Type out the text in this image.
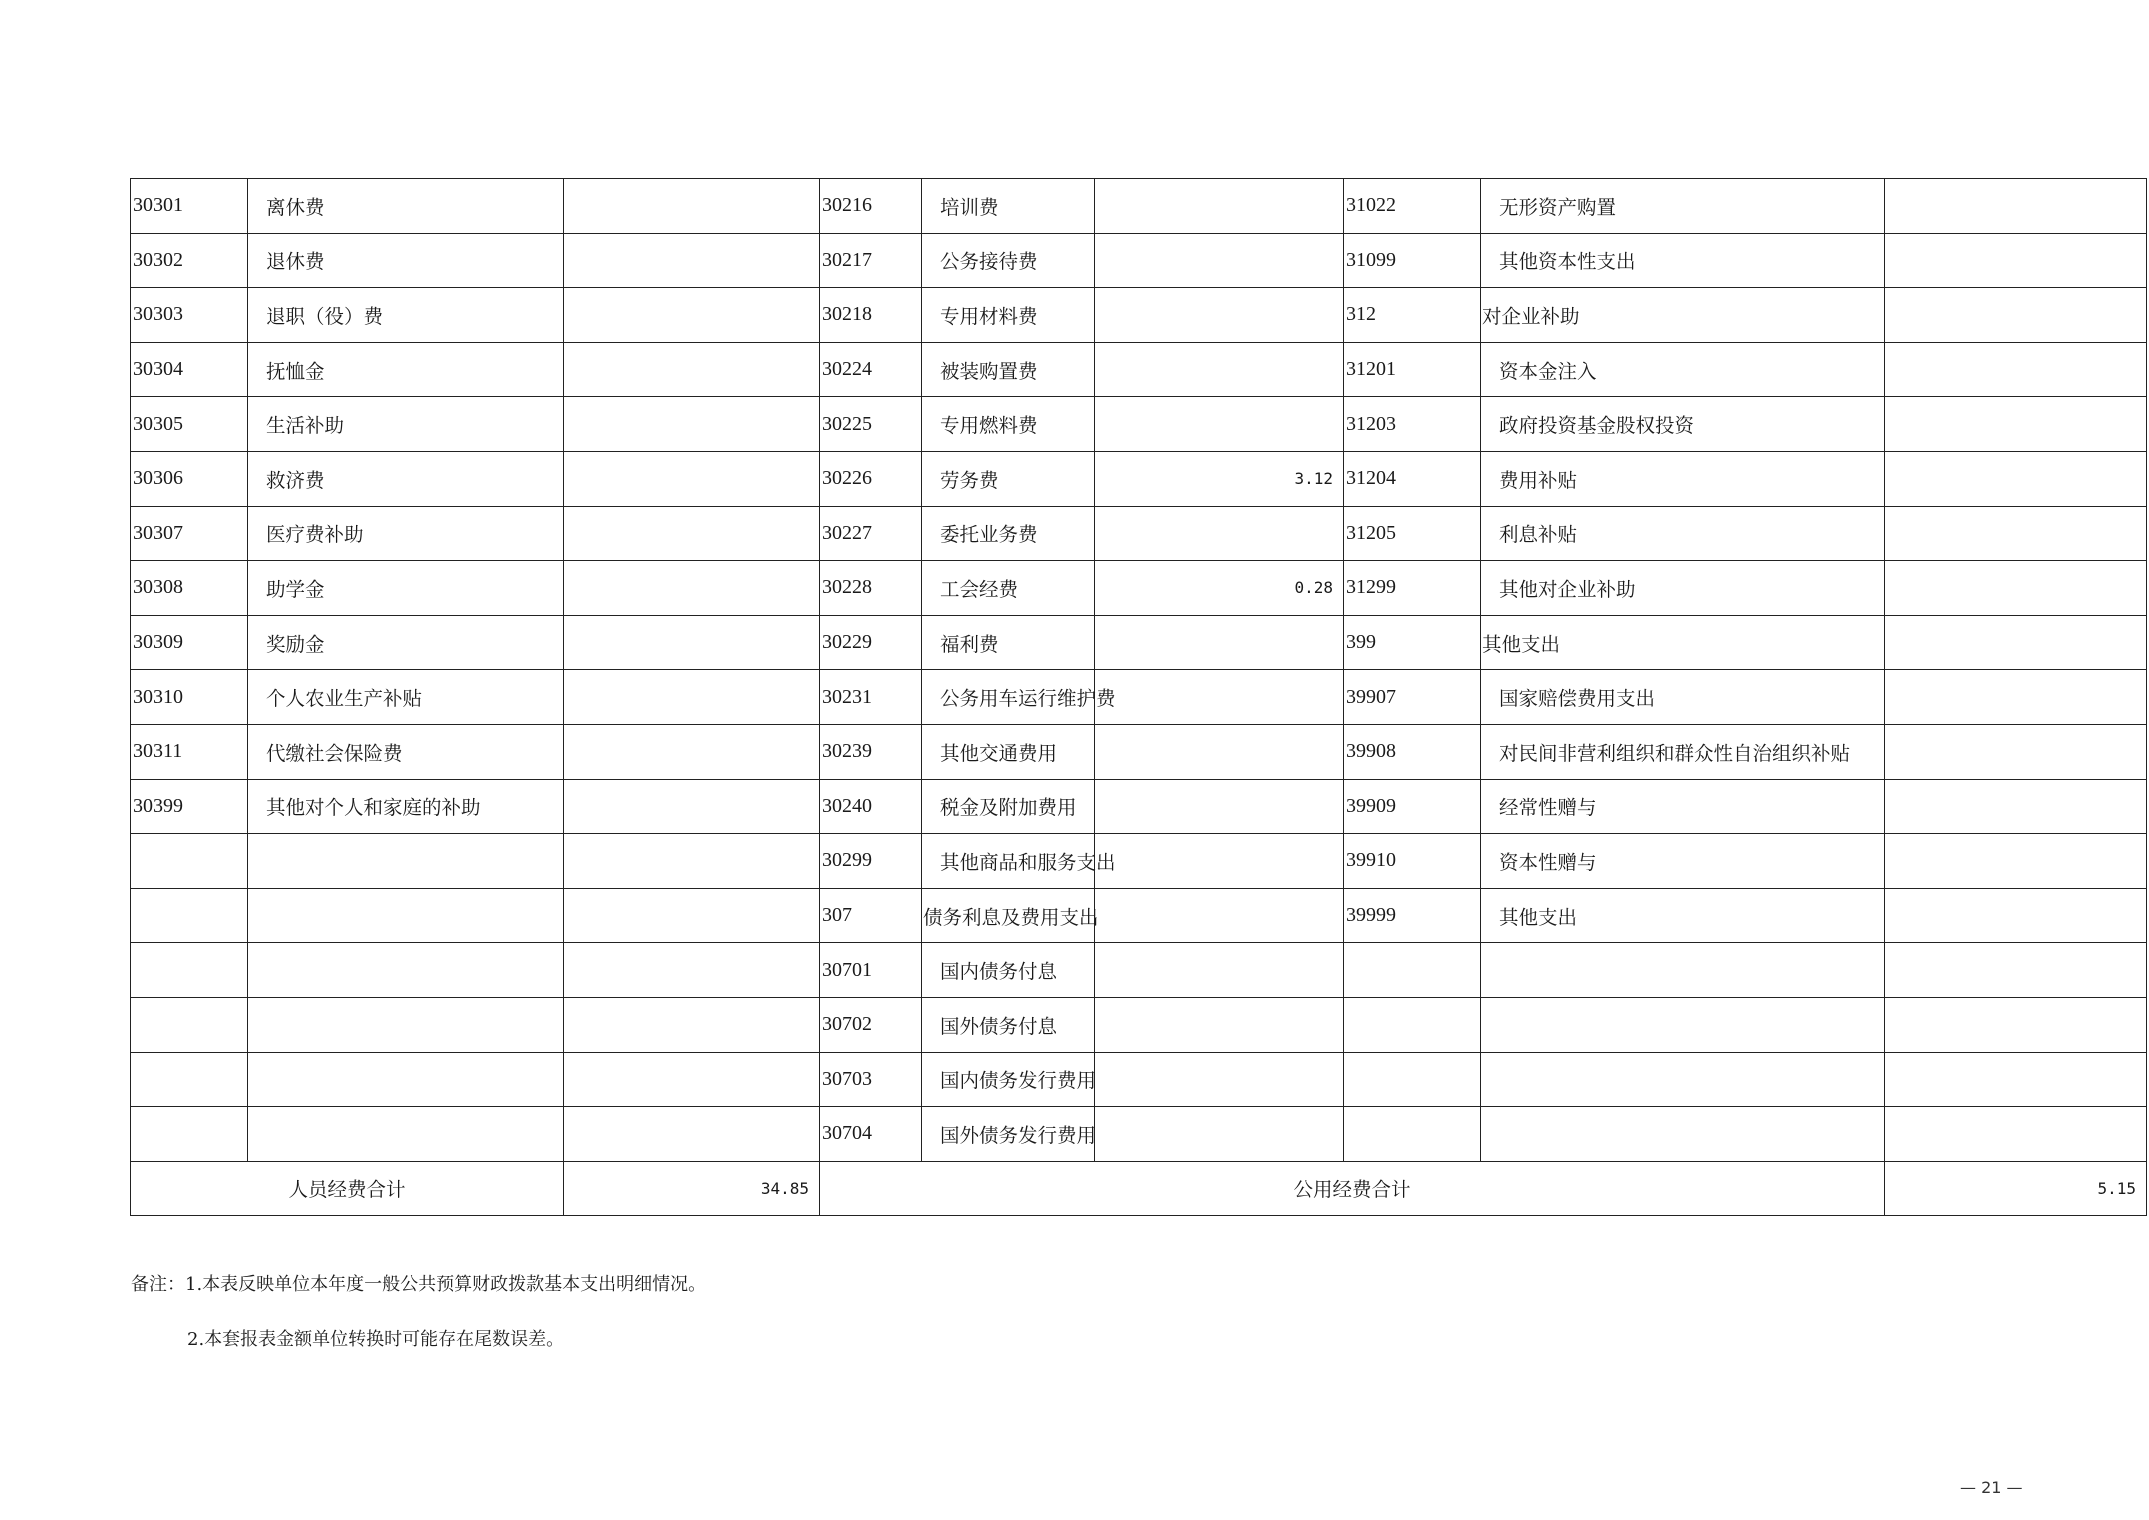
30301	离休费		30216	培训费		31022	无形资产购置	
30302	退休费		30217	公务接待费		31099	其他资本性支出	
30303	退职（役）费		30218	专用材料费		312	对企业补助	
30304	抚恤金		30224	被装购置费		31201	资本金注入	
30305	生活补助		30225	专用燃料费		31203	政府投资基金股权投资	
30306	救济费		30226	劳务费	3.12	31204	费用补贴	
30307	医疗费补助		30227	委托业务费		31205	利息补贴	
30308	助学金		30228	工会经费	0.28	31299	其他对企业补助	
30309	奖励金		30229	福利费		399	其他支出	
30310	个人农业生产补贴		30231	公务用车运行维护费		39907	国家赔偿费用支出	
30311	代缴社会保险费		30239	其他交通费用		39908	对民间非营利组织和群众性自治组织补贴	
30399	其他对个人和家庭的补助		30240	税金及附加费用		39909	经常性赠与	
			30299	其他商品和服务支出		39910	资本性赠与	
			307	债务利息及费用支出		39999	其他支出	
			30701	国内债务付息				
			30702	国外债务付息				
			30703	国内债务发行费用				
			30704	国外债务发行费用				
人员经费合计		34.85	公用经费合计					5.15
备注：1.本表反映单位本年度一般公共预算财政拨款基本支出明细情况。
2.本套报表金额单位转换时可能存在尾数误差。
— 21 —
